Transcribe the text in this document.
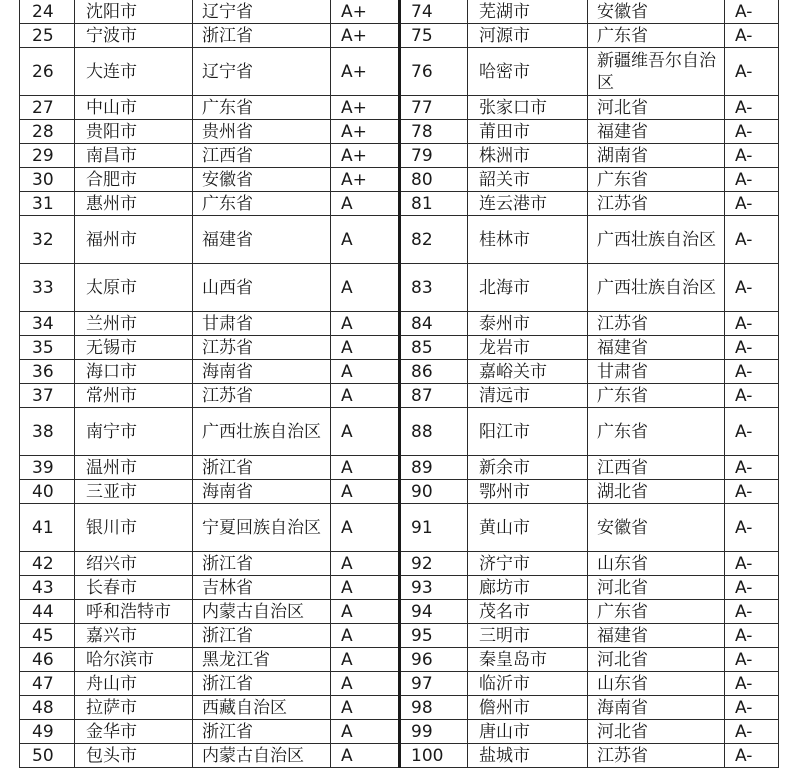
24	沈阳市	辽宁省	A+	74	芜湖市	安徽省	A-
25	宁波市	浙江省	A+	75	河源市	广东省	A-
26	大连市	辽宁省	A+	76	哈密市	新疆维吾尔自治区	A-
27	中山市	广东省	A+	77	张家口市	河北省	A-
28	贵阳市	贵州省	A+	78	莆田市	福建省	A-
29	南昌市	江西省	A+	79	株洲市	湖南省	A-
30	合肥市	安徽省	A+	80	韶关市	广东省	A-
31	惠州市	广东省	A	81	连云港市	江苏省	A-
32	福州市	福建省	A	82	桂林市	广西壮族自治区	A-
33	太原市	山西省	A	83	北海市	广西壮族自治区	A-
34	兰州市	甘肃省	A	84	泰州市	江苏省	A-
35	无锡市	江苏省	A	85	龙岩市	福建省	A-
36	海口市	海南省	A	86	嘉峪关市	甘肃省	A-
37	常州市	江苏省	A	87	清远市	广东省	A-
38	南宁市	广西壮族自治区	A	88	阳江市	广东省	A-
39	温州市	浙江省	A	89	新余市	江西省	A-
40	三亚市	海南省	A	90	鄂州市	湖北省	A-
41	银川市	宁夏回族自治区	A	91	黄山市	安徽省	A-
42	绍兴市	浙江省	A	92	济宁市	山东省	A-
43	长春市	吉林省	A	93	廊坊市	河北省	A-
44	呼和浩特市	内蒙古自治区	A	94	茂名市	广东省	A-
45	嘉兴市	浙江省	A	95	三明市	福建省	A-
46	哈尔滨市	黑龙江省	A	96	秦皇岛市	河北省	A-
47	舟山市	浙江省	A	97	临沂市	山东省	A-
48	拉萨市	西藏自治区	A	98	儋州市	海南省	A-
49	金华市	浙江省	A	99	唐山市	河北省	A-
50	包头市	内蒙古自治区	A	100	盐城市	江苏省	A-
